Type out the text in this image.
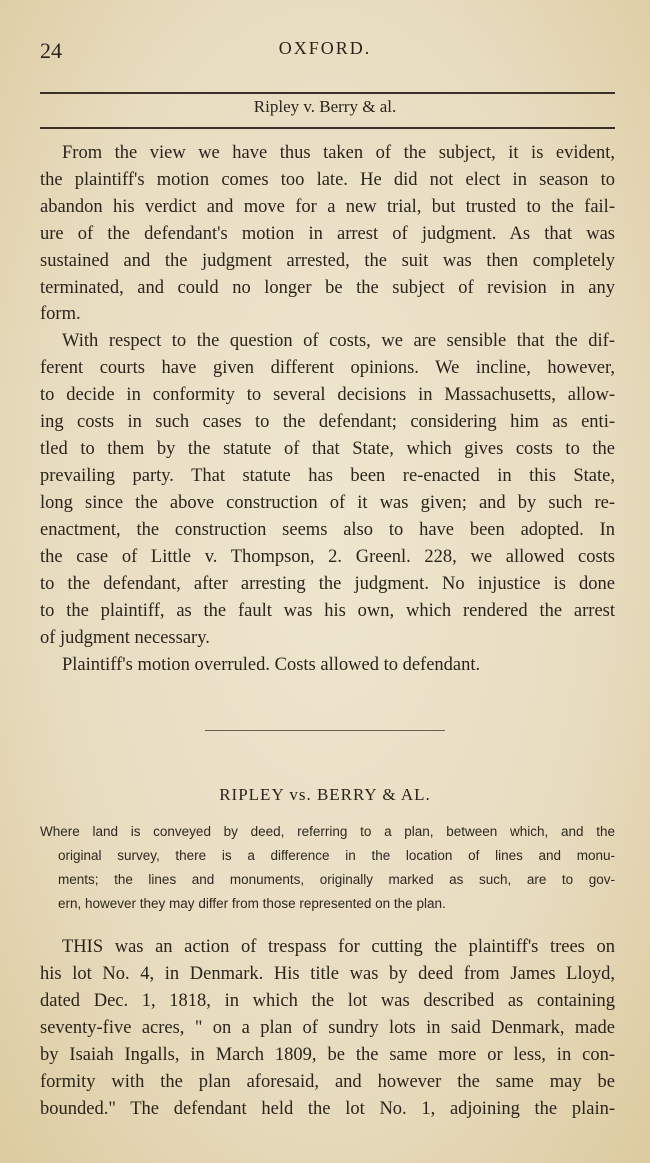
24	OXFORD.
Ripley v. Berry & al.
From the view we have thus taken of the subject, it is evident,
the plaintiff's motion comes too late. He did not elect in season to
abandon his verdict and move for a new trial, but trusted to the fail-
ure of the defendant's motion in arrest of judgment. As that was
sustained and the judgment arrested, the suit was then completely
terminated, and could no longer be the subject of revision in any
form.
With respect to the question of costs, we are sensible that the dif-
ferent courts have given different opinions. We incline, however,
to decide in conformity to several decisions in Massachusetts, allow-
ing costs in such cases to the defendant; considering him as enti-
tled to them by the statute of that State, which gives costs to the
prevailing party. That statute has been re-enacted in this State,
long since the above construction of it was given; and by such re-
enactment, the construction seems also to have been adopted. In
the case of Little v. Thompson, 2. Greenl. 228, we allowed costs
to the defendant, after arresting the judgment. No injustice is done
to the plaintiff, as the fault was his own, which rendered the arrest
of judgment necessary.
Plaintiff's motion overruled. Costs allowed to defendant.
RIPLEY vs. BERRY & AL.
Where land is conveyed by deed, referring to a plan, between which, and the
original survey, there is a difference in the location of lines and monu-
ments; the lines and monuments, originally marked as such, are to gov-
ern, however they may differ from those represented on the plan.
THIS was an action of trespass for cutting the plaintiff's trees on
his lot No. 4, in Denmark. His title was by deed from James Lloyd,
dated Dec. 1, 1818, in which the lot was described as containing
seventy-five acres, " on a plan of sundry lots in said Denmark, made
by Isaiah Ingalls, in March 1809, be the same more or less, in con-
formity with the plan aforesaid, and however the same may be
bounded." The defendant held the lot No. 1, adjoining the plain-
